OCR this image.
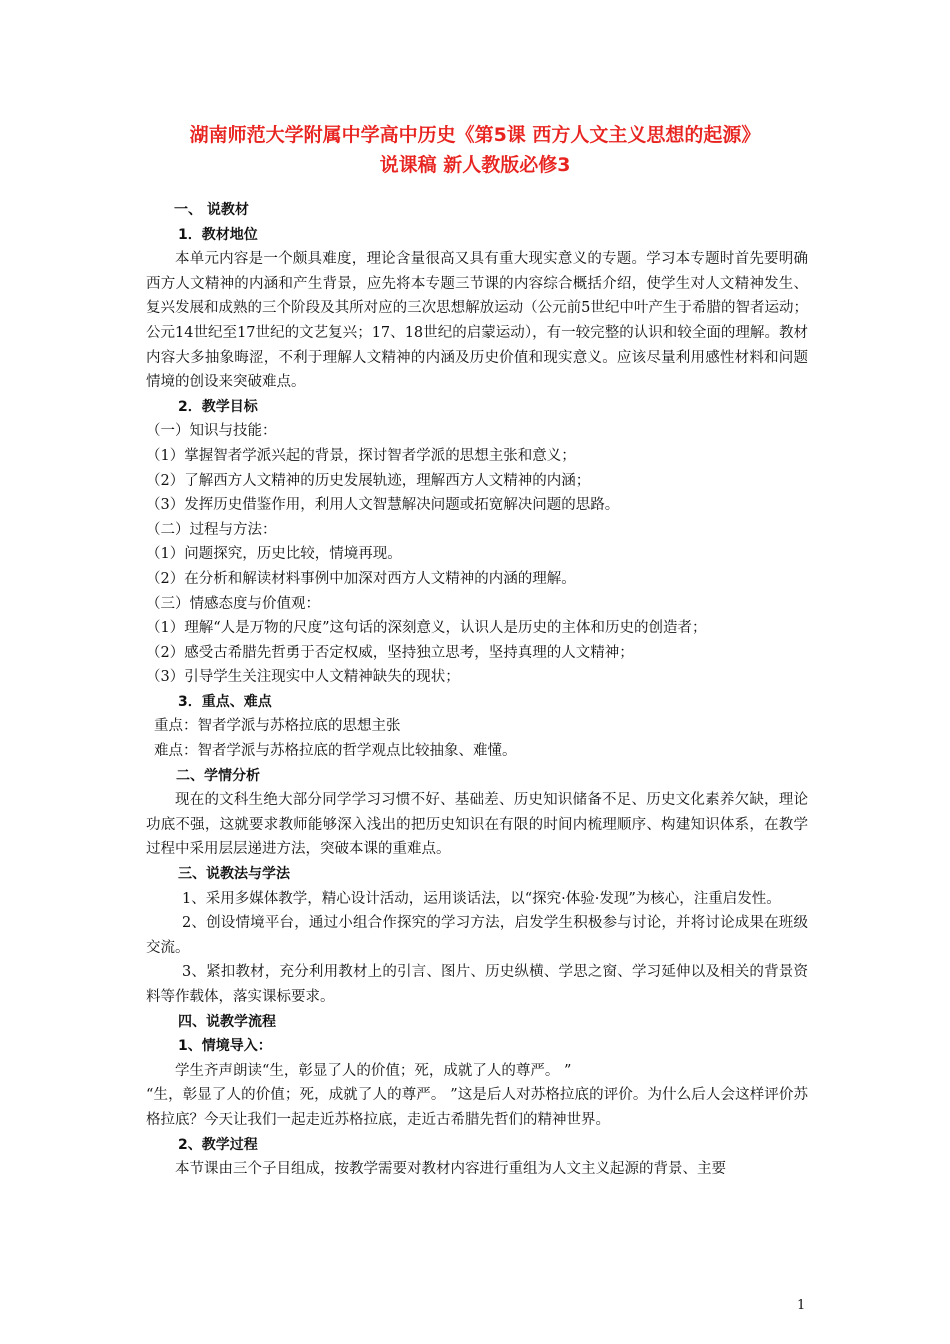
湖南师范大学附属中学高中历史《第5课 西方人文主义思想的起源》
说课稿 新人教版必修3

一、 说教材

1．教材地位

本单元内容是一个颇具难度，理论含量很高又具有重大现实意义的专题。学习本专题时首先要明确西方人文精神的内涵和产生背景，应先将本专题三节课的内容综合概括介绍，使学生对人文精神发生、复兴发展和成熟的三个阶段及其所对应的三次思想解放运动（公元前5世纪中叶产生于希腊的智者运动；公元14世纪至17世纪的文艺复兴；17、18世纪的启蒙运动），有一较完整的认识和较全面的理解。教材内容大多抽象晦涩，不利于理解人文精神的内涵及历史价值和现实意义。应该尽量利用感性材料和问题情境的创设来突破难点。

2．教学目标

（一）知识与技能：

（1）掌握智者学派兴起的背景，探讨智者学派的思想主张和意义；

（2）了解西方人文精神的历史发展轨迹，理解西方人文精神的内涵；

（3）发挥历史借鉴作用，利用人文智慧解决问题或拓宽解决问题的思路。

（二）过程与方法：

（1）问题探究，历史比较，情境再现。

（2）在分析和解读材料事例中加深对西方人文精神的内涵的理解。

（三）情感态度与价值观：

（1）理解“人是万物的尺度”这句话的深刻意义，认识人是历史的主体和历史的创造者；

（2）感受古希腊先哲勇于否定权威，坚持独立思考，坚持真理的人文精神；

（3）引导学生关注现实中人文精神缺失的现状；

3．重点、难点

重点：智者学派与苏格拉底的思想主张

难点：智者学派与苏格拉底的哲学观点比较抽象、难懂。

二、学情分析

现在的文科生绝大部分同学学习习惯不好、基础差、历史知识储备不足、历史文化素养欠缺，理论功底不强，这就要求教师能够深入浅出的把历史知识在有限的时间内梳理顺序、构建知识体系，在教学过程中采用层层递进方法，突破本课的重难点。

三、说教法与学法

1、采用多媒体教学，精心设计活动，运用谈话法，以“探究·体验·发现”为核心，注重启发性。

2、创设情境平台，通过小组合作探究的学习方法，启发学生积极参与讨论，并将讨论成果在班级交流。

3、紧扣教材，充分利用教材上的引言、图片、历史纵横、学思之窗、学习延伸以及相关的背景资料等作载体，落实课标要求。

四、说教学流程

1、情境导入：

学生齐声朗读“生，彰显了人的价值；死，成就了人的尊严。 ”

“生，彰显了人的价值；死，成就了人的尊严。 ”这是后人对苏格拉底的评价。为什么后人会这样评价苏格拉底？今天让我们一起走近苏格拉底，走近古希腊先哲们的精神世界。

2、教学过程

本节课由三个子目组成，按教学需要对教材内容进行重组为人文主义起源的背景、主要

1
